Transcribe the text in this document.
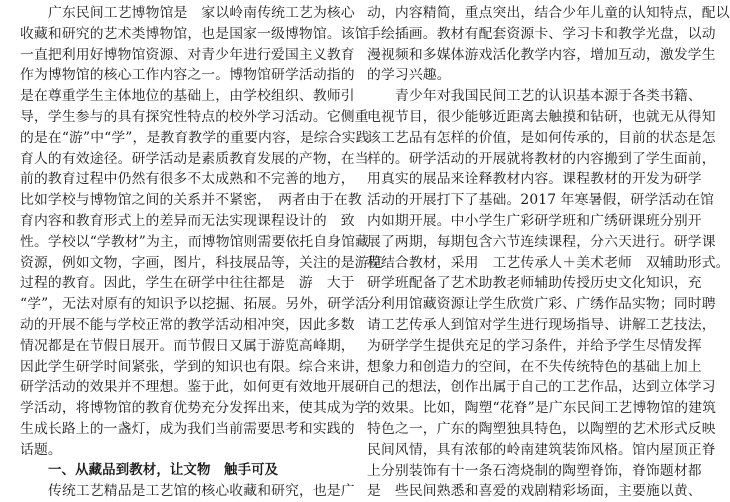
广东民间工艺博物馆是　家以岭南传统工艺为核心
收藏和研究的艺术类博物馆，也是国家一级博物馆。该馆
一直把利用好博物馆资源、对青少年进行爱国主义教育
作为博物馆的核心工作内容之一。博物馆研学活动指的
是在尊重学生主体地位的基础上，由学校组织、教师引
导，学生参与的具有探究性特点的校外学习活动。它侧重
的是在“游”中“学”，是教育教学的重要内容，是综合实践
育人的有效途径。研学活动是素质教育发展的产物，在当
前的教育过程中仍然有很多不太成熟和不完善的地方，
比如学校与博物馆之间的关系并不紧密，　两者由于在教
育内容和教育形式上的差异而无法实现课程设计的　致
性。学校以“学教材”为主，而博物馆则需要依托自身馆藏
资源，例如文物，字画，图片，科技展品等，关注的是游览
过程的教育。因此，学生在研学中往往都是　游　大于
“学”，无法对原有的知识予以挖掘、拓展。另外，研学活
动的开展不能与学校正常的教学活动相冲突，因此多数
情况都是在节假日展开。而节假日又属于游览高峰期，
因此学生研学时间紧张，学到的知识也有限。综合来讲，
研学活动的效果并不理想。鉴于此，如何更有效地开展研
学活动，将博物馆的教育优势充分发挥出来，使其成为学
生成长路上的一盏灯，成为我们当前需要思考和实践的
话题。
一、从藏品到教材，让文物　触手可及
传统工艺精品是工艺馆的核心收藏和研究，也是广
动，内容精简，重点突出，结合少年儿童的认知特点，配以
手绘插画。教材有配套资源卡、学习卡和教学光盘，以动
漫视频和多媒体游戏活化教学内容，增加互动，激发学生
的学习兴趣。
青少年对我国民间工艺的认识基本源于各类书籍、
电视节目，很少能够近距离去触摸和钻研，也就无从得知
该工艺品有怎样的价值，是如何传承的，目前的状态是怎
样的。研学活动的开展就将教材的内容搬到了学生面前，
用真实的展品来诠释教材内容。课程教材的开发为研学
活动的开展打下了基础。2017 年寒暑假，研学活动在馆
内如期开展。中小学生广彩研学班和广绣研课班分别开
展了两期，每期包含六节连续课程，分六天进行。研学课
程结合教材，采用　工艺传承人＋美术老师　双辅助形式。
研学班配备了艺术助教老师辅助传授历史文化知识，充
分利用馆藏资源让学生欣赏广彩、广绣作品实物；同时聘
请工艺传承人到馆对学生进行现场指导、讲解工艺技法，
为研学学生提供充足的学习条件，并给予学生尽情发挥
想象力和创造力的空间，在不失传统特色的基础上加上
自己的想法，创作出属于自己的工艺作品，达到立体学习
的效果。比如，陶塑“花脊”是广东民间工艺博物馆的建筑
特色之一，广东的陶塑独具特色，以陶塑的艺术形式反映
民间风情，具有浓郁的岭南建筑装饰风格。馆内屋顶正脊
上分别装饰有十一条石湾烧制的陶塑脊饰，脊饰题材都
是　些民间熟悉和喜爱的戏剧精彩场面，主要施以黄、
